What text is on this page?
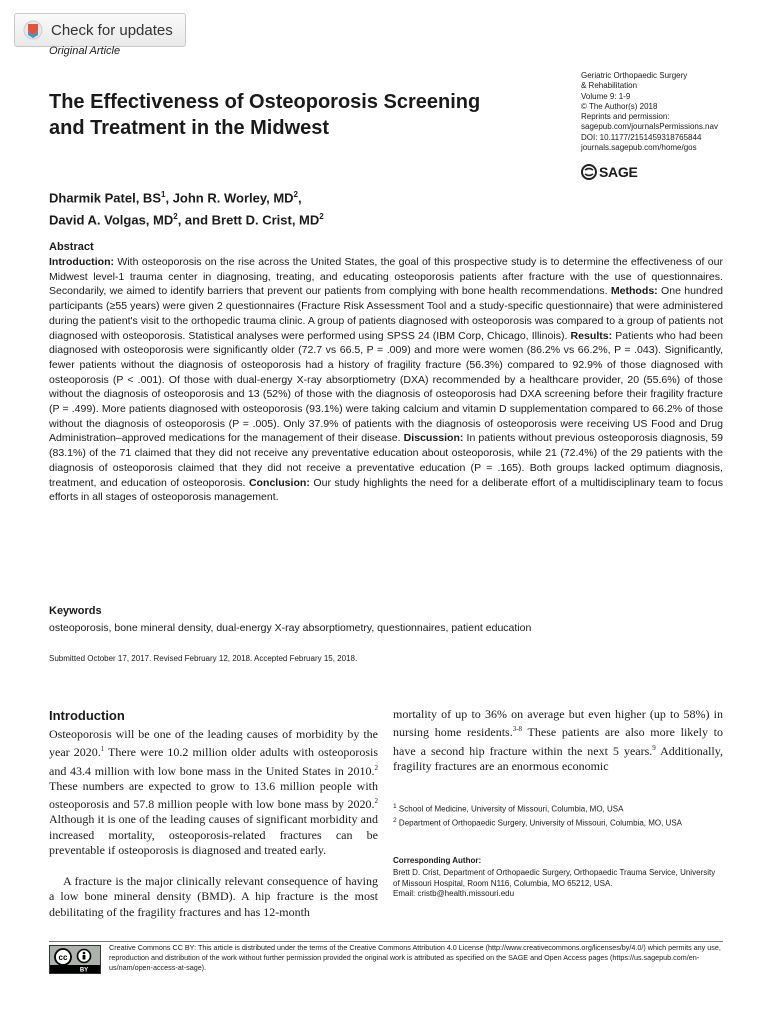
Check for updates
Original Article
Geriatric Orthopaedic Surgery
& Rehabilitation
Volume 9: 1-9
© The Author(s) 2018
Reprints and permission:
sagepub.com/journalsPermissions.nav
DOI: 10.1177/2151459318765844
journals.sagepub.com/home/gos
SAGE
The Effectiveness of Osteoporosis Screening
and Treatment in the Midwest
Dharmik Patel, $BS^1$, John R. Worley, $MD^2$,
David A. Volgas, $MD^2$, and Brett D. Crist, $MD^2$
Abstract

Introduction: With osteoporosis on the rise across the United States, the goal of this prospective study is to determine the effectiveness of our Midwest level-1 trauma center in diagnosing, treating, and educating osteoporosis patients after fracture with the use of questionnaires. Secondarily, we aimed to identify barriers that prevent our patients from complying with bone health recommendations. Methods: One hundred participants (≥55 years) were given 2 questionnaires (Fracture Risk Assessment Tool and a study-specific questionnaire) that were administered during the patient's visit to the orthopedic trauma clinic. A group of patients diagnosed with osteoporosis was compared to a group of patients not diagnosed with osteoporosis. Statistical analyses were performed using SPSS 24 (IBM Corp, Chicago, Illinois). Results: Patients who had been diagnosed with osteoporosis were significantly older (72.7 vs 66.5, P = .009) and more were women (86.2% vs 66.2%, P = .043). Significantly, fewer patients without the diagnosis of osteoporosis had a history of fragility fracture (56.3%) compared to 92.9% of those diagnosed with osteoporosis (P < .001). Of those with dual-energy X-ray absorptiometry (DXA) recommended by a healthcare provider, 20 (55.6%) of those without the diagnosis of osteoporosis and 13 (52%) of those with the diagnosis of osteoporosis had DXA screening before their fragility fracture (P = .499). More patients diagnosed with osteoporosis (93.1%) were taking calcium and vitamin D supplementation compared to 66.2% of those without the diagnosis of osteoporosis (P = .005). Only 37.9% of patients with the diagnosis of osteoporosis were receiving US Food and Drug Administration–approved medications for the management of their disease. Discussion: In patients without previous osteoporosis diagnosis, 59 (83.1%) of the 71 claimed that they did not receive any preventative education about osteoporosis, while 21 (72.4%) of the 29 patients with the diagnosis of osteoporosis claimed that they did not receive a preventative education (P = .165). Both groups lacked optimum diagnosis, treatment, and education of osteoporosis. Conclusion: Our study highlights the need for a deliberate effort of a multidisciplinary team to focus efforts in all stages of osteoporosis management.

Keywords
osteoporosis, bone mineral density, dual-energy X-ray absorptiometry, questionnaires, patient education
Submitted October 17, 2017. Revised February 12, 2018. Accepted February 15, 2018.
Introduction

Osteoporosis will be one of the leading causes of morbidity by the year 2020.$^1$ There were 10.2 million older adults with osteoporosis and 43.4 million with low bone mass in the United States in 2010.$^2$ These numbers are expected to grow to 13.6 million people with osteoporosis and 57.8 million people with low bone mass by 2020.$^2$ Although it is one of the leading causes of significant morbidity and increased mortality, osteoporosis-related fractures can be preventable if osteoporosis is diagnosed and treated early.

A fracture is the major clinically relevant consequence of having a low bone mineral density (BMD). A hip fracture is the most debilitating of the fragility fractures and has 12-month

mortality of up to 36% on average but even higher (up to 58%) in nursing home residents.$^{3-8}$ These patients are also more likely to have a second hip fracture within the next 5 years.$^9$ Additionally, fragility fractures are an enormous economic

$^1$ School of Medicine, University of Missouri, Columbia, MO, USA
$^2$ Department of Orthopaedic Surgery, University of Missouri, Columbia, MO, USA
Corresponding Author:
Brett D. Crist, Department of Orthopaedic Surgery, Orthopaedic Trauma Service, University of Missouri Hospital, Room N116, Columbia, MO 65212, USA.
Email: cristb@health.missouri.edu
cc
BY
Creative Commons CC BY: This article is distributed under the terms of the Creative Commons Attribution 4.0 License (http://www.creativecommons.org/licenses/by/4.0/) which permits any use, reproduction and distribution of the work without further permission provided the original work is attributed as specified on the SAGE and Open Access pages (https://us.sagepub.com/en-us/nam/open-access-at-sage).
